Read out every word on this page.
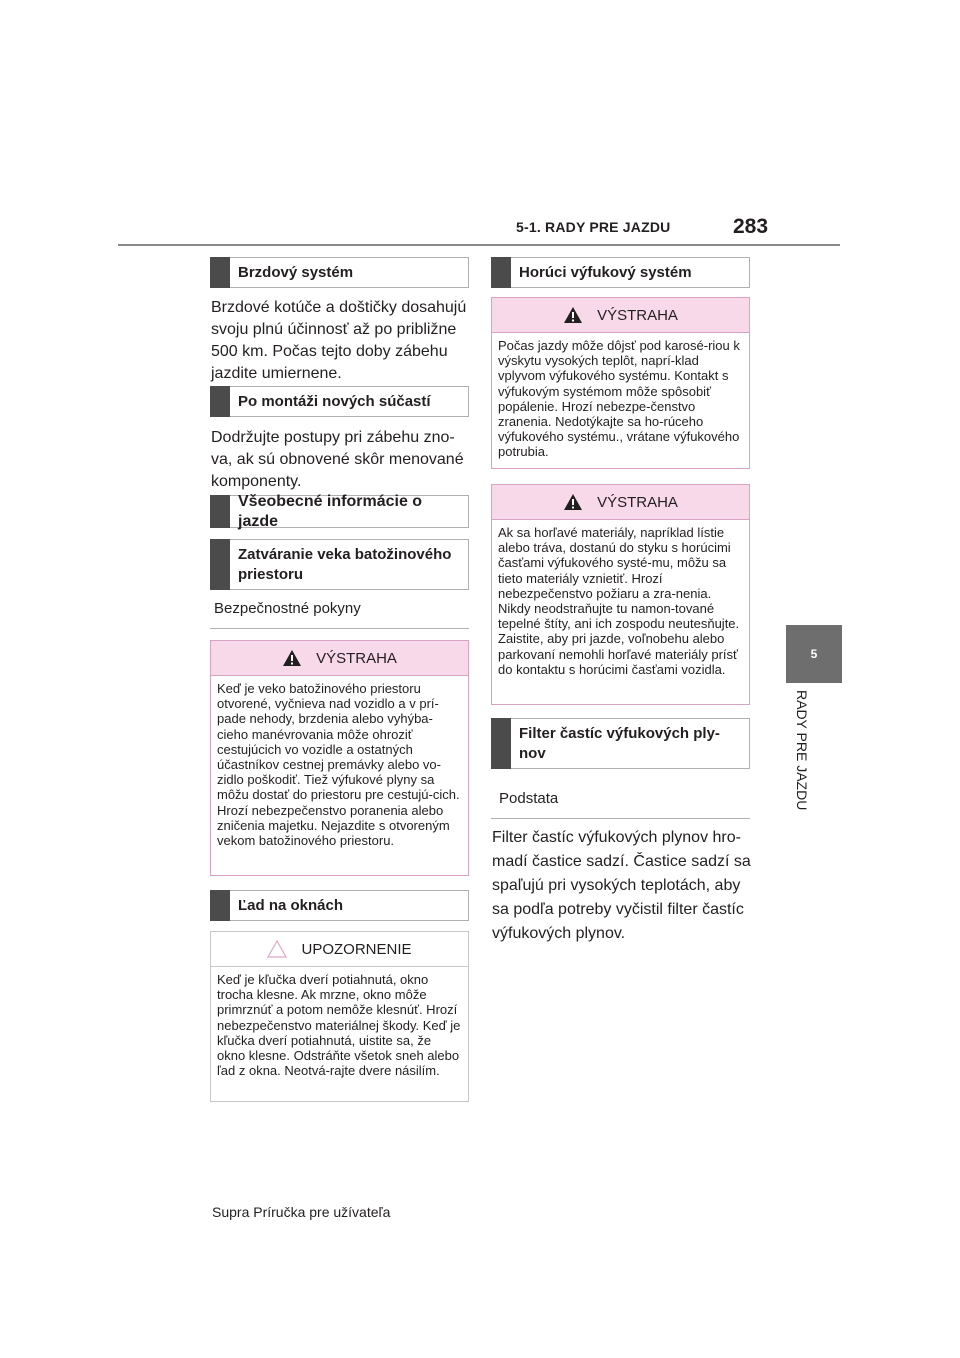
5-1. RADY PRE JAZDU	283
5
RADY PRE JAZDU
Brzdový systém
Brzdové kotúče a doštičky dosahujú svoju plnú účinnosť až po približne 500 km. Počas tejto doby zábehu jazdite umiernene.
Po montáži nových súčastí
Dodržujte postupy pri zábehu zno-va, ak sú obnovené skôr menované komponenty.
Všeobecné informácie o jazde
Zatváranie veka batožinového priestoru
Bezpečnostné pokyny
VÝSTRAHA
Keď je veko batožinového priestoru otvorené, vyčnieva nad vozidlo a v prí-pade nehody, brzdenia alebo vyhýba-cieho manévrovania môže ohroziť cestujúcich vo vozidle a ostatných účastníkov cestnej premávky alebo vo-zidlo poškodiť. Tiež výfukové plyny sa môžu dostať do priestoru pre cestujú-cich. Hrozí nebezpečenstvo poranenia alebo zničenia majetku. Nejazdite s otvoreným vekom batožinového priestoru.
Ľad na oknách
UPOZORNENIE
Keď je kľučka dverí potiahnutá, okno trocha klesne. Ak mrzne, okno môže primrznúť a potom nemôže klesnúť. Hrozí nebezpečenstvo materiálnej škody. Keď je kľučka dverí potiahnutá, uistite sa, že okno klesne. Odstráňte všetok sneh alebo ľad z okna. Neotvá-rajte dvere násilím.
Horúci výfukový systém
VÝSTRAHA
Počas jazdy môže dôjsť pod karosé-riou k výskytu vysokých teplôt, naprí-klad vplyvom výfukového systému. Kontakt s výfukovým systémom môže spôsobiť popálenie. Hrozí nebezpe-čenstvo zranenia. Nedotýkajte sa ho-rúceho výfukového systému., vrátane výfukového potrubia.
VÝSTRAHA
Ak sa horľavé materiály, napríklad lístie alebo tráva, dostanú do styku s horúcimi časťami výfukového systé-mu, môžu sa tieto materiály vznietiť. Hrozí nebezpečenstvo požiaru a zra-nenia. Nikdy neodstraňujte tu namon-tované tepelné štíty, ani ich zospodu neutesňujte. Zaistite, aby pri jazde, voľnobehu alebo parkovaní nemohli horľavé materiály prísť do kontaktu s horúcimi časťami vozidla.
Filter častíc výfukových ply-nov
Podstata
Filter častíc výfukových plynov hro-madí častice sadzí. Častice sadzí sa spaľujú pri vysokých teplotách, aby sa podľa potreby vyčistil filter častíc výfukových plynov.
Supra Príručka pre užívateľa
